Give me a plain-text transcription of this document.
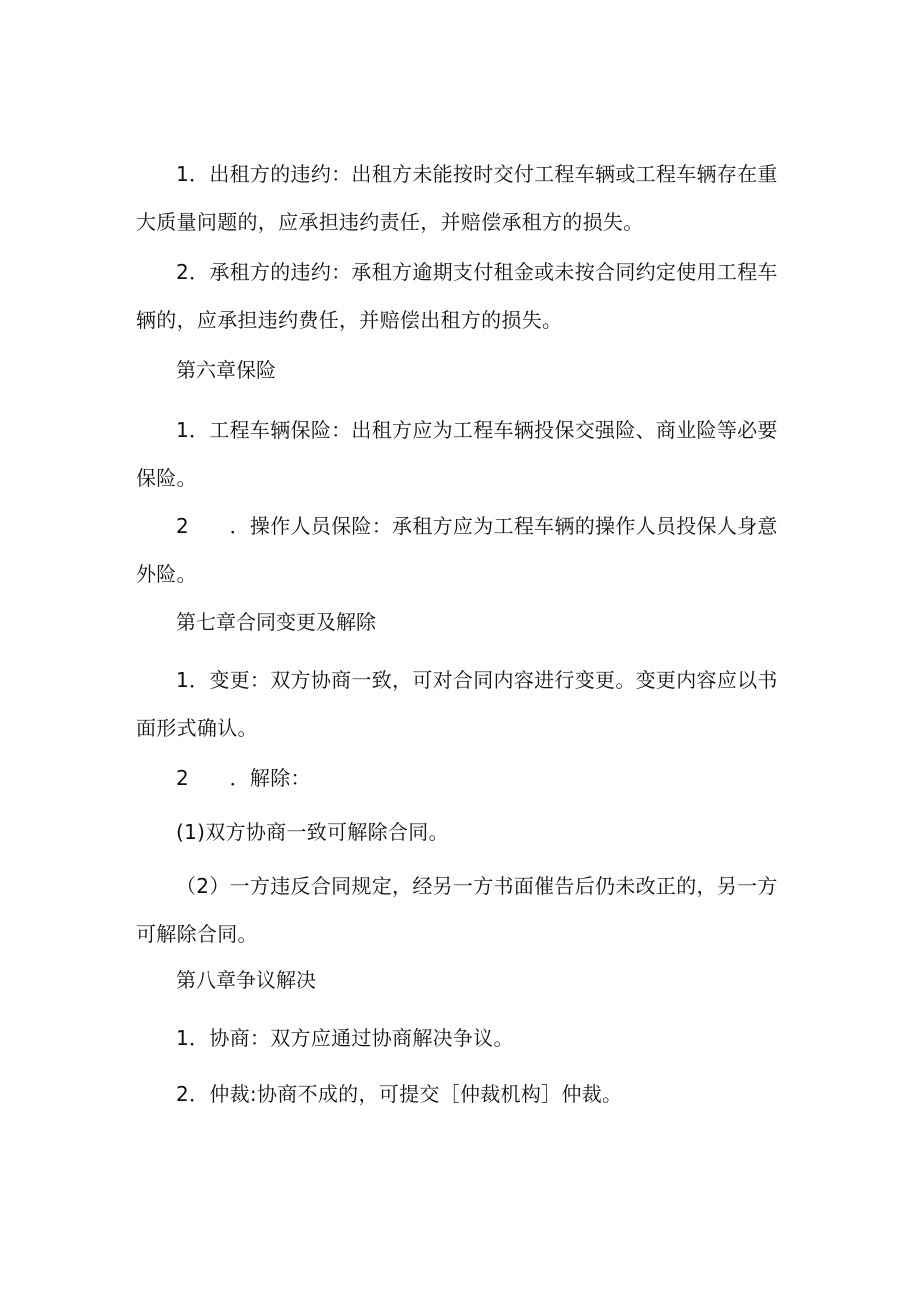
1．出租方的违约：出租方未能按时交付工程车辆或工程车辆存在重大质量问题的，应承担违约责任，并赔偿承租方的损失。

2．承租方的违约：承租方逾期支付租金或未按合同约定使用工程车辆的，应承担违约费任，并赔偿出租方的损失。

第六章保险

1．工程车辆保险：出租方应为工程车辆投保交强险、商业险等必要保险。

2　　．操作人员保险：承租方应为工程车辆的操作人员投保人身意外险。

第七章合同变更及解除

1．变更：双方协商一致，可对合同内容进行变更。变更内容应以书面形式确认。

2　　．解除：

(1)双方协商一致可解除合同。

（2）一方违反合同规定，经另一方书面催告后仍未改正的，另一方可解除合同。

第八章争议解决

1．协商：双方应通过协商解决争议。

2．仲裁:协商不成的，可提交［仲裁机构］仲裁。
